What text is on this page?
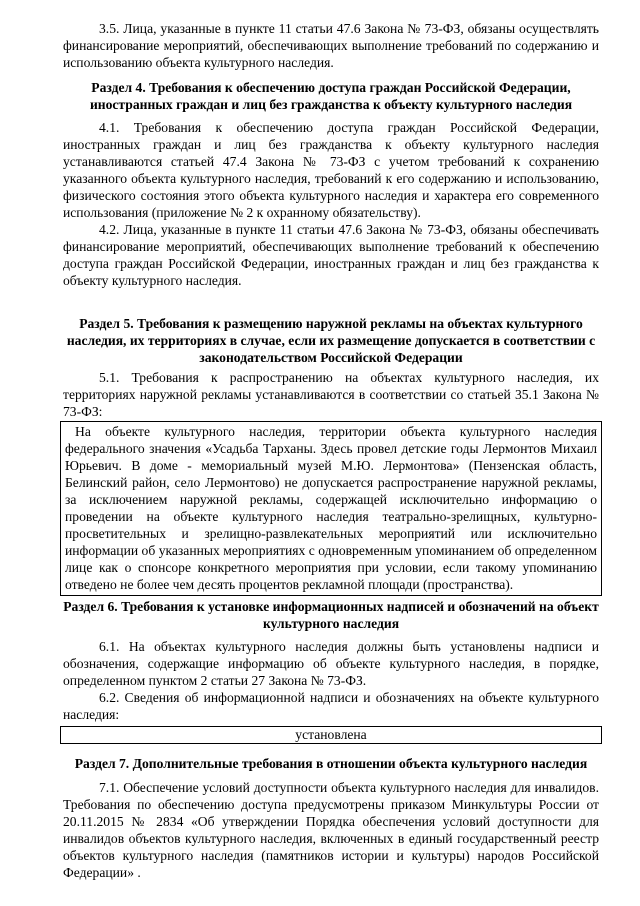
3.5. Лица, указанные в пункте 11 статьи 47.6 Закона № 73-ФЗ, обязаны осуществлять финансирование мероприятий, обеспечивающих выполнение требований по содержанию и использованию объекта культурного наследия.

Раздел 4. Требования к обеспечению доступа граждан Российской Федерации, иностранных граждан и лиц без гражданства к объекту культурного наследия

4.1. Требования к обеспечению доступа граждан Российской Федерации, иностранных граждан и лиц без гражданства к объекту культурного наследия устанавливаются статьей 47.4 Закона № 73-ФЗ с учетом требований к сохранению указанного объекта культурного наследия, требований к его содержанию и использованию, физического состояния этого объекта культурного наследия и характера его современного использования (приложение № 2 к охранному обязательству).

4.2. Лица, указанные в пункте 11 статьи 47.6 Закона № 73-ФЗ, обязаны обеспечивать финансирование мероприятий, обеспечивающих выполнение требований к обеспечению доступа граждан Российской Федерации, иностранных граждан и лиц без гражданства к объекту культурного наследия.

Раздел 5. Требования к размещению наружной рекламы на объектах культурного наследия, их территориях в случае, если их размещение допускается в соответствии с законодательством Российской Федерации

5.1. Требования к распространению на объектах культурного наследия, их территориях наружной рекламы устанавливаются в соответствии со статьей 35.1 Закона № 73-ФЗ:

На объекте культурного наследия, территории объекта культурного наследия федерального значения «Усадьба Тарханы. Здесь провел детские годы Лермонтов Михаил Юрьевич. В доме - мемориальный музей М.Ю. Лермонтова» (Пензенская область, Белинский район, село Лермонтово) не допускается распространение наружной рекламы, за исключением наружной рекламы, содержащей исключительно информацию о проведении на объекте культурного наследия театрально-зрелищных, культурно-просветительных и зрелищно-развлекательных мероприятий или исключительно информации об указанных мероприятиях с одновременным упоминанием об определенном лице как о спонсоре конкретного мероприятия при условии, если такому упоминанию отведено не более чем десять процентов рекламной площади (пространства).

Раздел 6. Требования к установке информационных надписей и обозначений на объект культурного наследия

6.1. На объектах культурного наследия должны быть установлены надписи и обозначения, содержащие информацию об объекте культурного наследия, в порядке, определенном пунктом 2 статьи 27 Закона № 73-ФЗ.

6.2. Сведения об информационной надписи и обозначениях на объекте культурного наследия:

установлена

Раздел 7. Дополнительные требования в отношении объекта культурного наследия

7.1. Обеспечение условий доступности объекта культурного наследия для инвалидов. Требования по обеспечению доступа предусмотрены приказом Минкультуры России от 20.11.2015 № 2834 «Об утверждении Порядка обеспечения условий доступности для инвалидов объектов культурного наследия, включенных в единый государственный реестр объектов культурного наследия (памятников истории и культуры) народов Российской Федерации» .
